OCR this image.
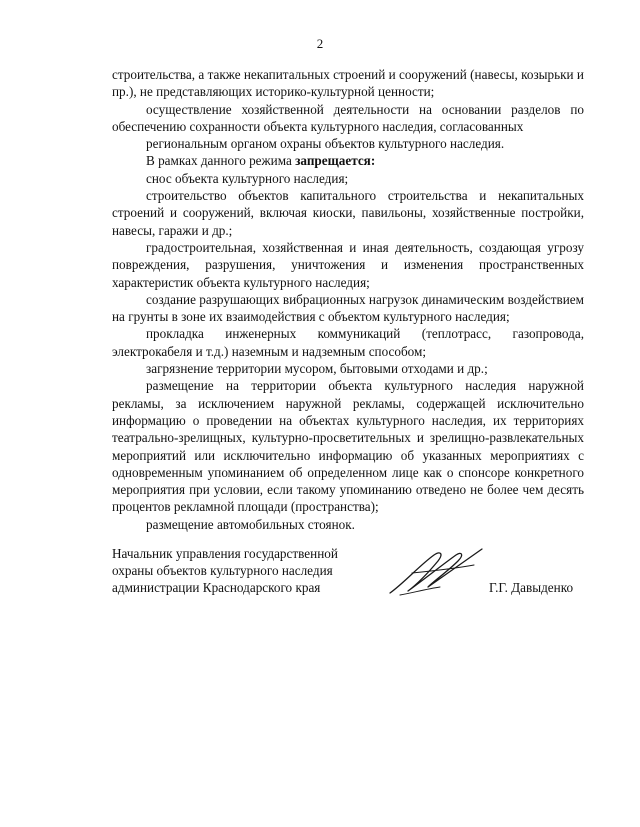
2

строительства, а также некапитальных строений и сооружений (навесы, козырьки и пр.), не представляющих историко-культурной ценности;

осуществление хозяйственной деятельности на основании разделов по обеспечению сохранности объекта культурного наследия, согласованных

региональным органом охраны объектов культурного наследия.

В рамках данного режима запрещается:

снос объекта культурного наследия;

строительство объектов капитального строительства и некапитальных строений и сооружений, включая киоски, павильоны, хозяйственные постройки, навесы, гаражи и др.;

градостроительная, хозяйственная и иная деятельность, создающая угрозу повреждения, разрушения, уничтожения и изменения пространственных характеристик объекта культурного наследия;

создание разрушающих вибрационных нагрузок динамическим воздействием на грунты в зоне их взаимодействия с объектом культурного наследия;

прокладка инженерных коммуникаций (теплотрасс, газопровода, электрокабеля и т.д.) наземным и надземным способом;

загрязнение территории мусором, бытовыми отходами и др.;

размещение на территории объекта культурного наследия наружной рекламы, за исключением наружной рекламы, содержащей исключительно информацию о проведении на объектах культурного наследия, их территориях театрально-зрелищных, культурно-просветительных и зрелищно-развлекательных мероприятий или исключительно информацию об указанных мероприятиях с одновременным упоминанием об определенном лице как о спонсоре конкретного мероприятия при условии, если такому упоминанию отведено не более чем десять процентов рекламной площади (пространства);

размещение автомобильных стоянок.

Начальник управления государственной
охраны объектов культурного наследия
администрации Краснодарского края	Г.Г. Давыденко
